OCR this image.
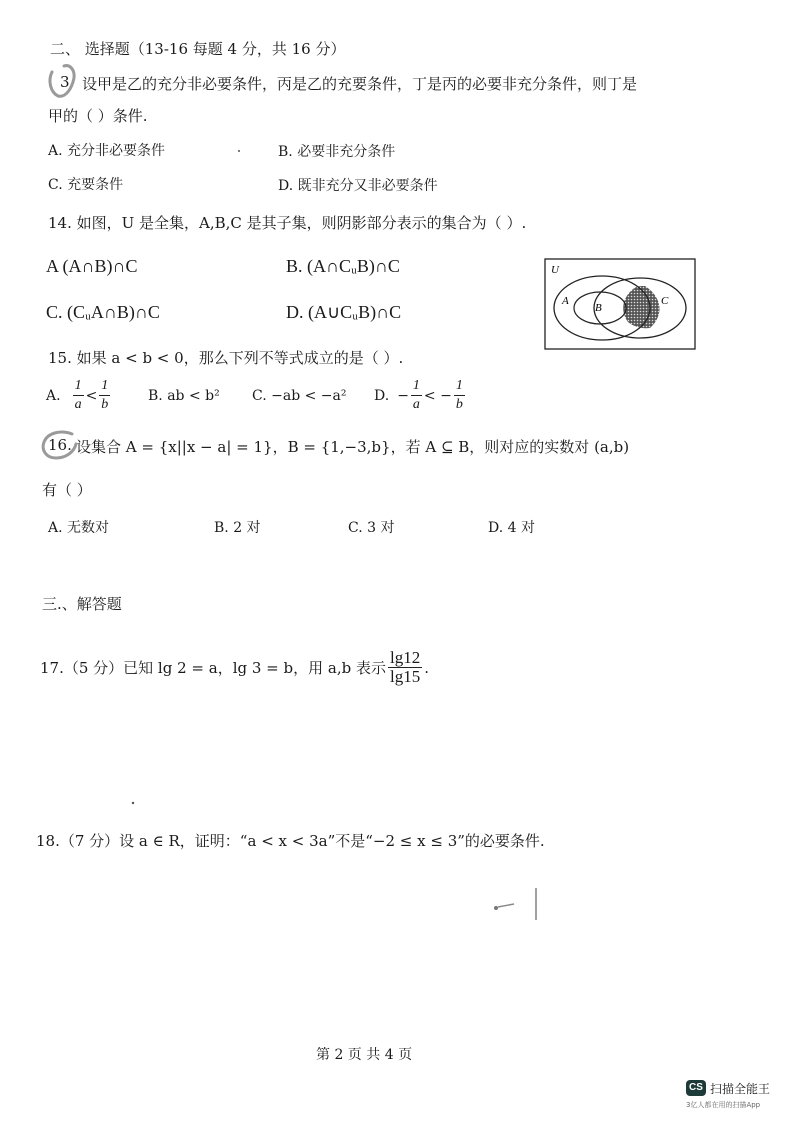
二、 选择题（13-16 每题 4 分，共 16 分）
3. 设甲是乙的充分非必要条件，丙是乙的充要条件，丁是丙的必要非充分条件，则丁是
甲的（ ）条件.
A. 充分非必要条件	B. 必要非充分条件
C. 充要条件	D. 既非充分又非必要条件
14. 如图，U 是全集，A,B,C 是其子集，则阴影部分表示的集合为（ ）.
A (A∩B)∩C	B. (A∩CᵤB)∩C
C. (CᵤA∩B)∩C	D. (A∪CᵤB)∩C
U
A
B
C
15. 如果 a < b < 0，那么下列不等式成立的是（ ）.
A. $\frac{1}{a} < \frac{1}{b}$	B. ab < b² C. −ab < −a² D. − $\frac{1}{a}$ < − $\frac{1}{b}$
16. 设集合 A = {x||x − a| = 1}，B = {1,−3,b}，若 A ⊆ B，则对应的实数对 (a,b)
有（ ）
A. 无数对	B. 2 对	C. 3 对	D. 4 对
三.、解答题
17.（5 分）已知 lg 2 = a，lg 3 = b，用 a,b 表示 $\frac{\lg 12}{\lg 15}$ .
18.（7 分）设 a ∈ R，证明：“a < x < 3a”不是“−2 ≤ x ≤ 3”的必要条件.
第 2 页 共 4 页
CS 扫描全能王
3亿人都在用的扫描App
